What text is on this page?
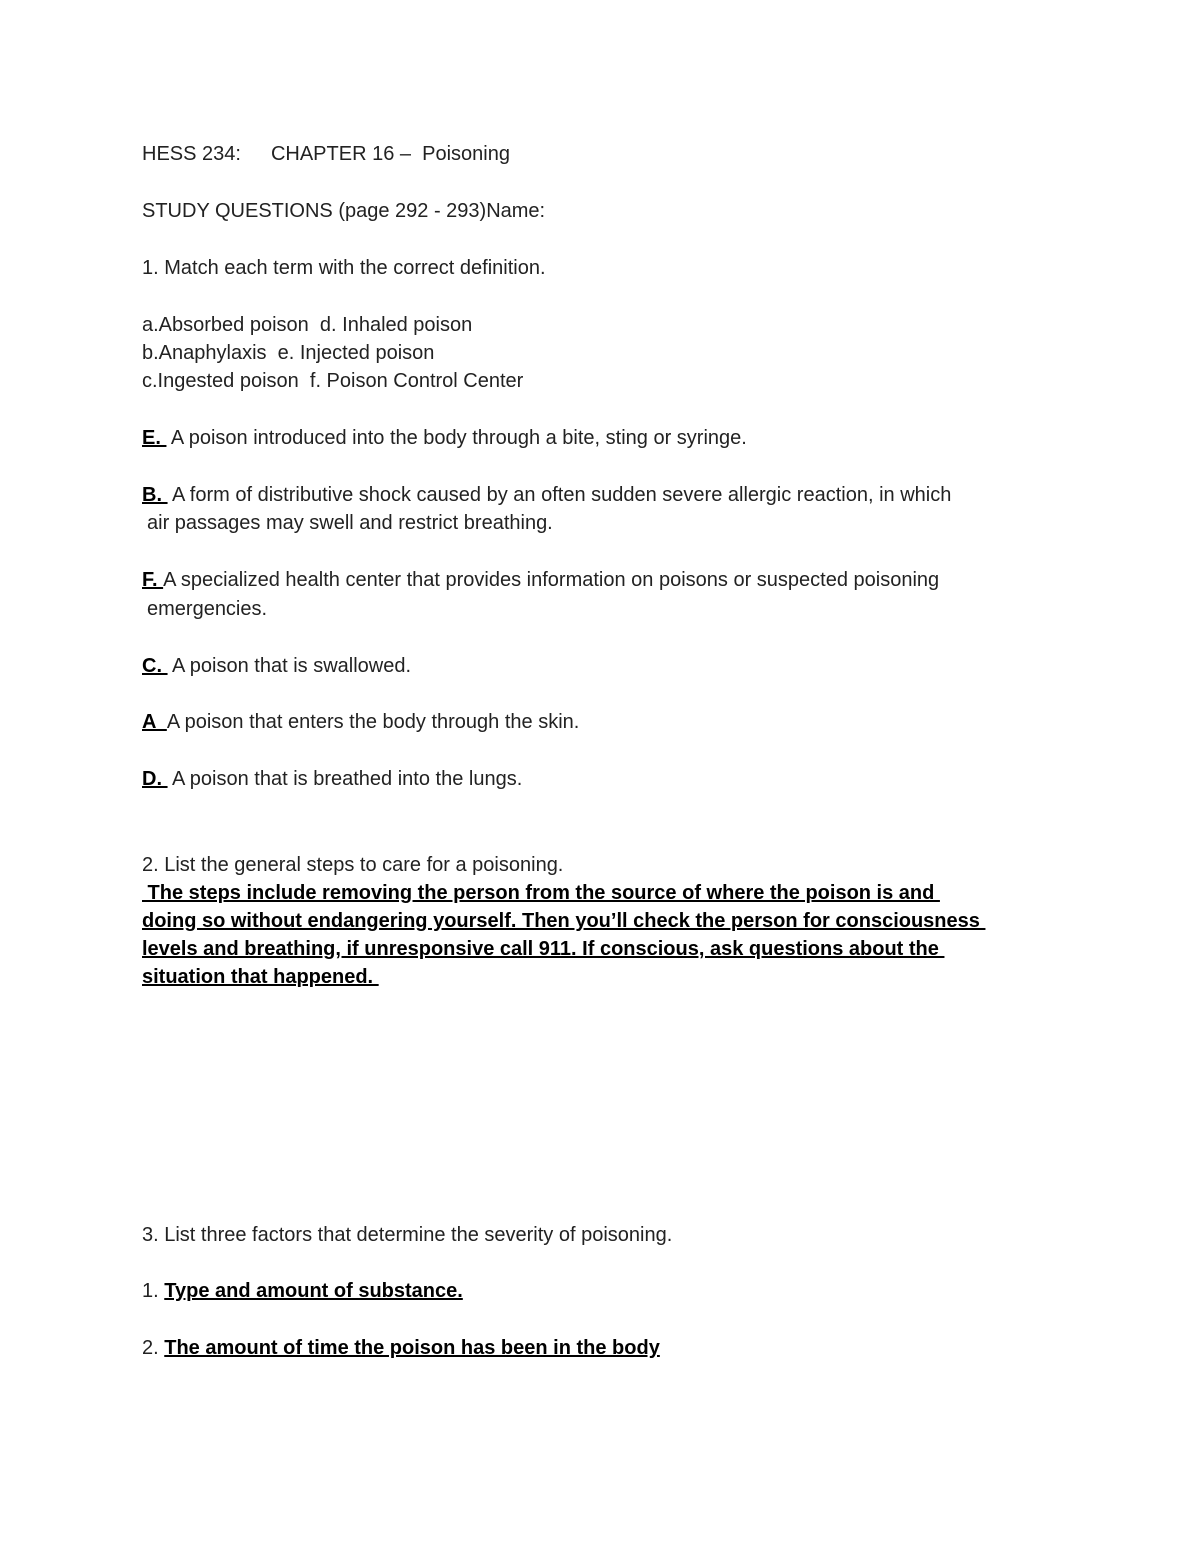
HESS 234: CHAPTER 16 –  Poisoning
STUDY QUESTIONS (page 292 - 293)Name:
1. Match each term with the correct definition.
a.Absorbed poison  d. Inhaled poison
b.Anaphylaxis  e. Injected poison
c.Ingested poison  f. Poison Control Center
E.  A poison introduced into the body through a bite, sting or syringe.
B.  A form of distributive shock caused by an often sudden severe allergic reaction, in which
air passages may swell and restrict breathing.
F. A specialized health center that provides information on poisons or suspected poisoning
emergencies.
C.  A poison that is swallowed.
A  A poison that enters the body through the skin.
D.  A poison that is breathed into the lungs.
2. List the general steps to care for a poisoning.
The steps include removing the person from the source of where the poison is and
doing so without endangering yourself. Then you’ll check the person for consciousness
levels and breathing, if unresponsive call 911. If conscious, ask questions about the
situation that happened.
3. List three factors that determine the severity of poisoning.
1. Type and amount of substance.
2. The amount of time the poison has been in the body
